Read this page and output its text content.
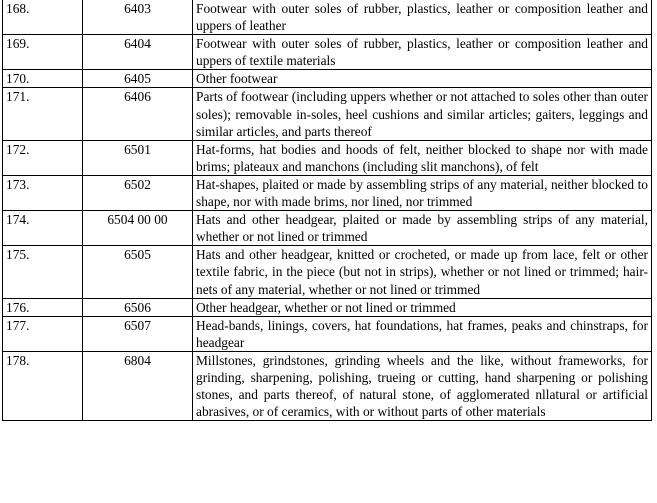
168.	6403	Footwear with outer soles of rubber, plastics, leather or composition leather and uppers of leather
169.	6404	Footwear with outer soles of rubber, plastics, leather or composition leather and uppers of textile materials
170.	6405	Other footwear
171.	6406	Parts of footwear (including uppers whether or not attached to soles other than outer soles); removable in-soles, heel cushions and similar articles; gaiters, leggings and similar articles, and parts thereof
172.	6501	Hat-forms, hat bodies and hoods of felt, neither blocked to shape nor with made brims; plateaux and manchons (including slit manchons), of felt
173.	6502	Hat-shapes, plaited or made by assembling strips of any material, neither blocked to shape, nor with made brims, nor lined, nor trimmed
174.	6504 00 00	Hats and other headgear, plaited or made by assembling strips of any material, whether or not lined or trimmed
175.	6505	Hats and other headgear, knitted or crocheted, or made up from lace, felt or other textile fabric, in the piece (but not in strips), whether or not lined or trimmed; hair-nets of any material, whether or not lined or trimmed
176.	6506	Other headgear, whether or not lined or trimmed
177.	6507	Head-bands, linings, covers, hat foundations, hat frames, peaks and chinstraps, for headgear
178.	6804	Millstones, grindstones, grinding wheels and the like, without frameworks, for grinding, sharpening, polishing, trueing or cutting, hand sharpening or polishing stones, and parts thereof, of natural stone, of agglomerated nllatural or artificial abrasives, or of ceramics, with or without parts of other materials
